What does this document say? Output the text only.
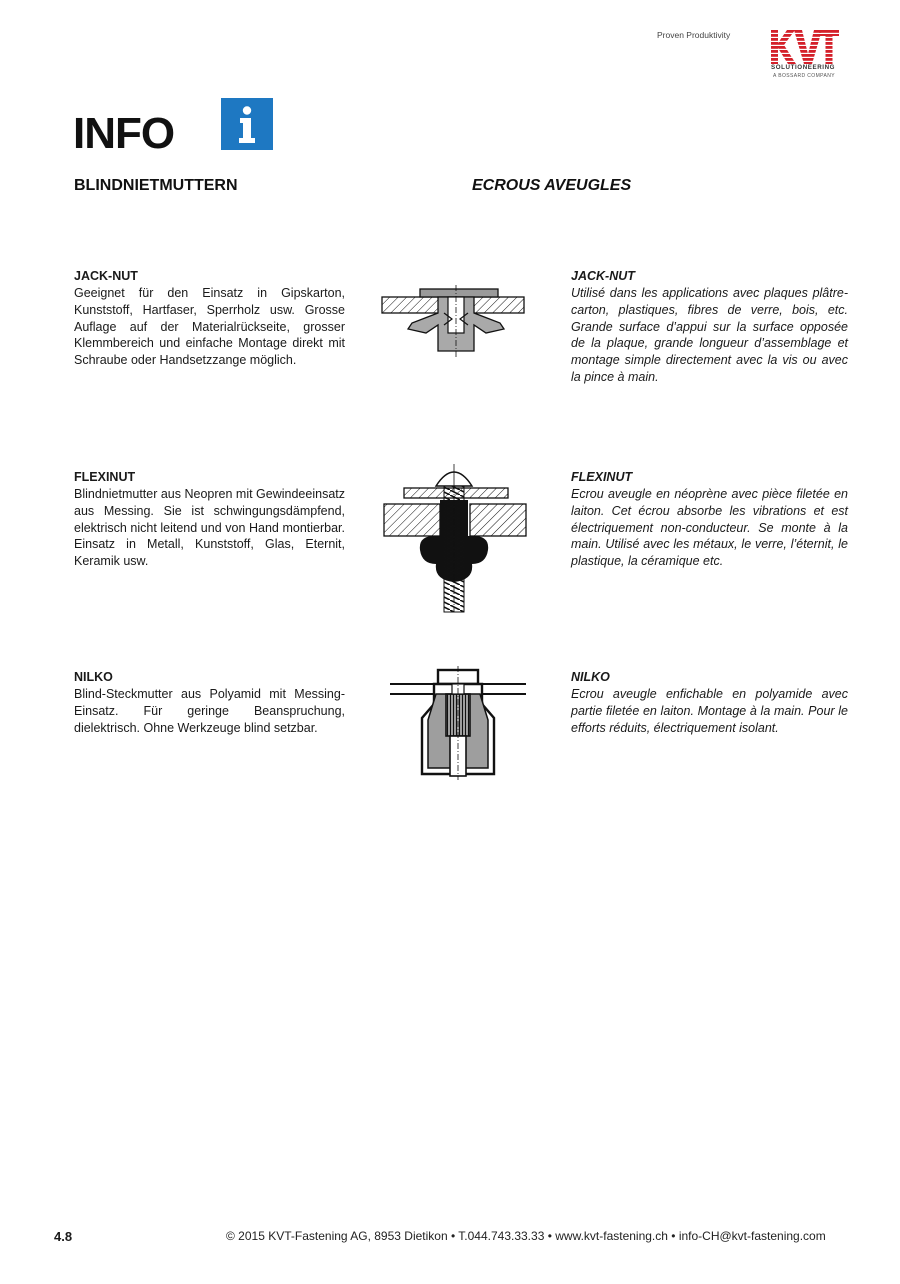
Proven Produktivity
SOLUTIONEERING
A BOSSARD COMPANY
INFO
BLINDNIETMUTTERN	ECROUS AVEUGLES
JACK-NUT
Geeignet für den Einsatz in Gipskarton, Kunststoff, Hartfaser, Sperrholz usw. Grosse Auflage auf der Materialrückseite, grosser Klemmbereich und einfache Montage direkt mit Schraube oder Handsetzzange möglich.
JACK-NUT
Utilisé dans les applications avec plaques plâtre-carton, plastiques, fibres de verre, bois, etc. Grande surface d’appui sur la surface opposée de la plaque, grande longueur d’assemblage et montage simple directement avec la vis ou avec la pince à main.
FLEXINUT
Blindnietmutter aus Neopren mit Gewindeeinsatz aus Messing. Sie ist schwingungsdämpfend, elektrisch nicht leitend und von Hand montierbar. Einsatz in Metall, Kunststoff, Glas, Eternit, Keramik usw.
FLEXINUT
Ecrou aveugle en néoprène avec pièce filetée en laiton. Cet écrou absorbe les vibrations et est électriquement non-conducteur. Se monte à la main. Utilisé avec les métaux, le verre, l’éternit, le plastique, la céramique etc.
NILKO
Blind-Steckmutter aus Polyamid mit Messing-Einsatz. Für geringe Beanspruchung, dielektrisch. Ohne Werkzeuge blind setzbar.
NILKO
Ecrou aveugle enfichable en polyamide avec partie filetée en laiton. Montage à la main. Pour le efforts réduits, électriquement isolant.
4.8	© 2015 KVT-Fastening AG, 8953 Dietikon • T.044.743.33.33 • www.kvt-fastening.ch • info-CH@kvt-fastening.com
